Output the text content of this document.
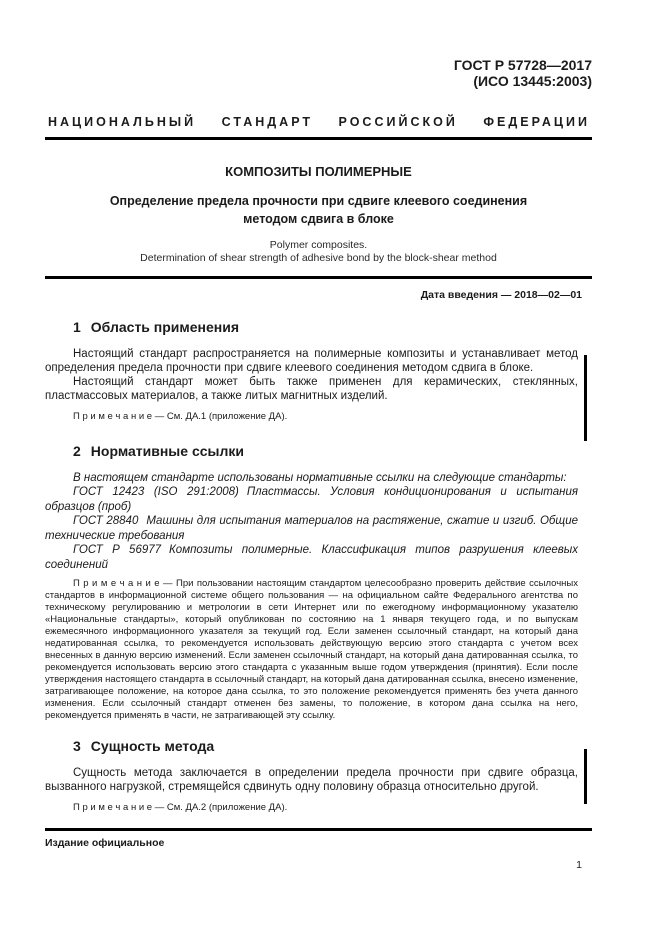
ГОСТ Р 57728—2017
(ИСО 13445:2003)
НАЦИОНАЛЬНЫЙ СТАНДАРТ РОССИЙСКОЙ ФЕДЕРАЦИИ
КОМПОЗИТЫ ПОЛИМЕРНЫЕ
Определение предела прочности при сдвиге клеевого соединения
методом сдвига в блоке
Polymer composites.
Determination of shear strength of adhesive bond by the block-shear method
Дата введения — 2018—02—01
1 Область применения

Настоящий стандарт распространяется на полимерные композиты и устанавливает метод определения предела прочности при сдвиге клеевого соединения методом сдвига в блоке.

Настоящий стандарт может быть также применен для керамических, стеклянных, пластмассовых материалов, а также литых магнитных изделий.

П р и м е ч а н и е — См. ДА.1 (приложение ДА).

2 Нормативные ссылки

В настоящем стандарте использованы нормативные ссылки на следующие стандарты:

ГОСТ 12423 (ISO 291:2008) Пластмассы. Условия кондиционирования и испытания образцов (проб)

ГОСТ 28840 Машины для испытания материалов на растяжение, сжатие и изгиб. Общие технические требования

ГОСТ Р 56977 Композиты полимерные. Классификация типов разрушения клеевых соединений

П р и м е ч а н и е — При пользовании настоящим стандартом целесообразно проверить действие ссылочных стандартов в информационной системе общего пользования — на официальном сайте Федерального агентства по техническому регулированию и метрологии в сети Интернет или по ежегодному информационному указателю «Национальные стандарты», который опубликован по состоянию на 1 января текущего года, и по выпускам ежемесячного информационного указателя за текущий год. Если заменен ссылочный стандарт, на который дана недатированная ссылка, то рекомендуется использовать действующую версию этого стандарта с учетом всех внесенных в данную версию изменений. Если заменен ссылочный стандарт, на который дана датированная ссылка, то рекомендуется использовать версию этого стандарта с указанным выше годом утверждения (принятия). Если после утверждения настоящего стандарта в ссылочный стандарт, на который дана датированная ссылка, внесено изменение, затрагивающее положение, на которое дана ссылка, то это положение рекомендуется применять без учета данного изменения. Если ссылочный стандарт отменен без замены, то положение, в котором дана ссылка на него, рекомендуется применять в части, не затрагивающей эту ссылку.

3 Сущность метода

Сущность метода заключается в определении предела прочности при сдвиге образца, вызванного нагрузкой, стремящейся сдвинуть одну половину образца относительно другой.

П р и м е ч а н и е — См. ДА.2 (приложение ДА).

Издание официальное
1
